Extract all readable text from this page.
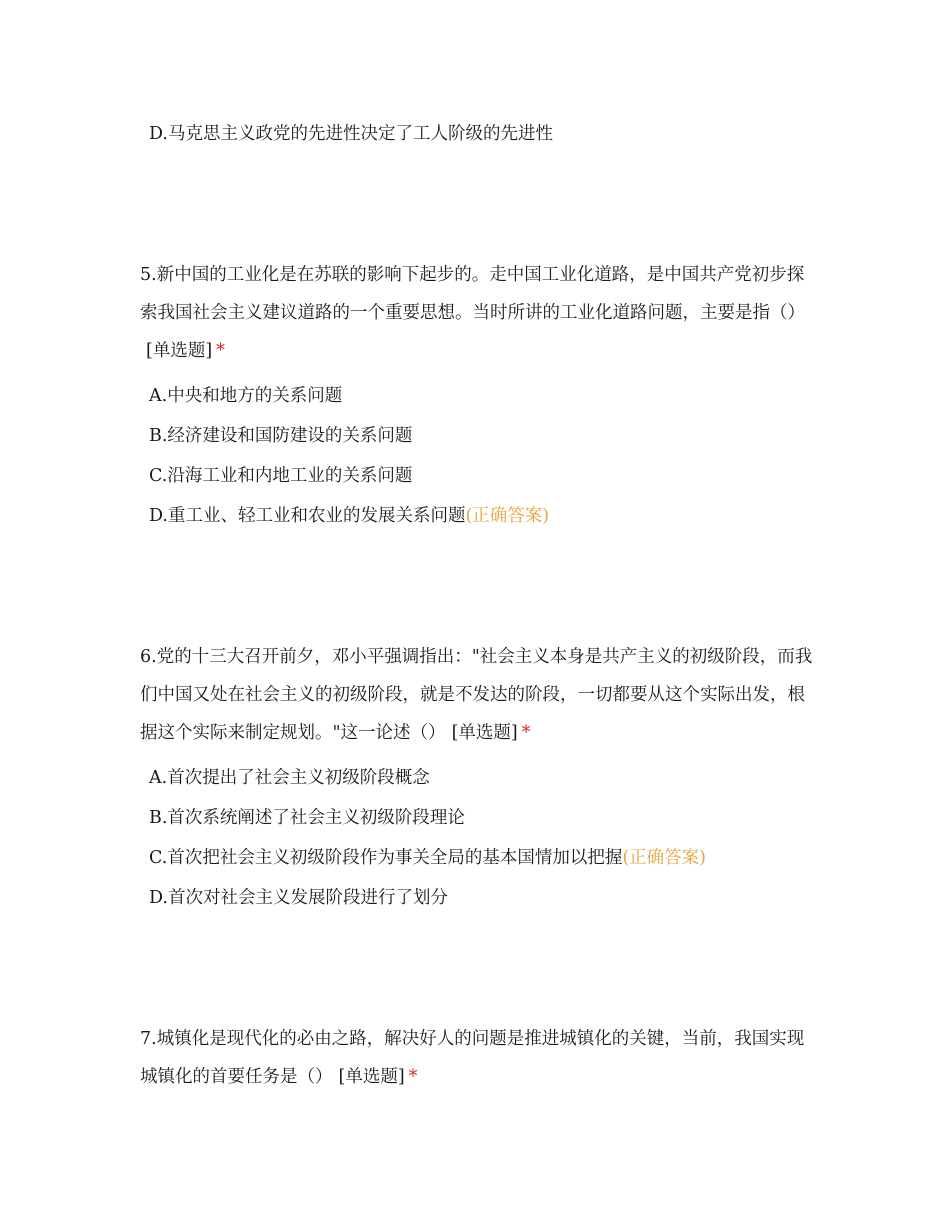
D.马克思主义政党的先进性决定了工人阶级的先进性
5.新中国的工业化是在苏联的影响下起步的。走中国工业化道路，是中国共产党初步探索我国社会主义建议道路的一个重要思想。当时所讲的工业化道路问题，主要是指（）[单选题] *
A.中央和地方的关系问题
B.经济建设和国防建设的关系问题
C.沿海工业和内地工业的关系问题
D.重工业、轻工业和农业的发展关系问题(正确答案)
6.党的十三大召开前夕，邓小平强调指出："社会主义本身是共产主义的初级阶段，而我们中国又处在社会主义的初级阶段，就是不发达的阶段，一切都要从这个实际出发，根据这个实际来制定规划。"这一论述（） [单选题] *
A.首次提出了社会主义初级阶段概念
B.首次系统阐述了社会主义初级阶段理论
C.首次把社会主义初级阶段作为事关全局的基本国情加以把握(正确答案)
D.首次对社会主义发展阶段进行了划分
7.城镇化是现代化的必由之路，解决好人的问题是推进城镇化的关键，当前，我国实现城镇化的首要任务是（） [单选题] *
